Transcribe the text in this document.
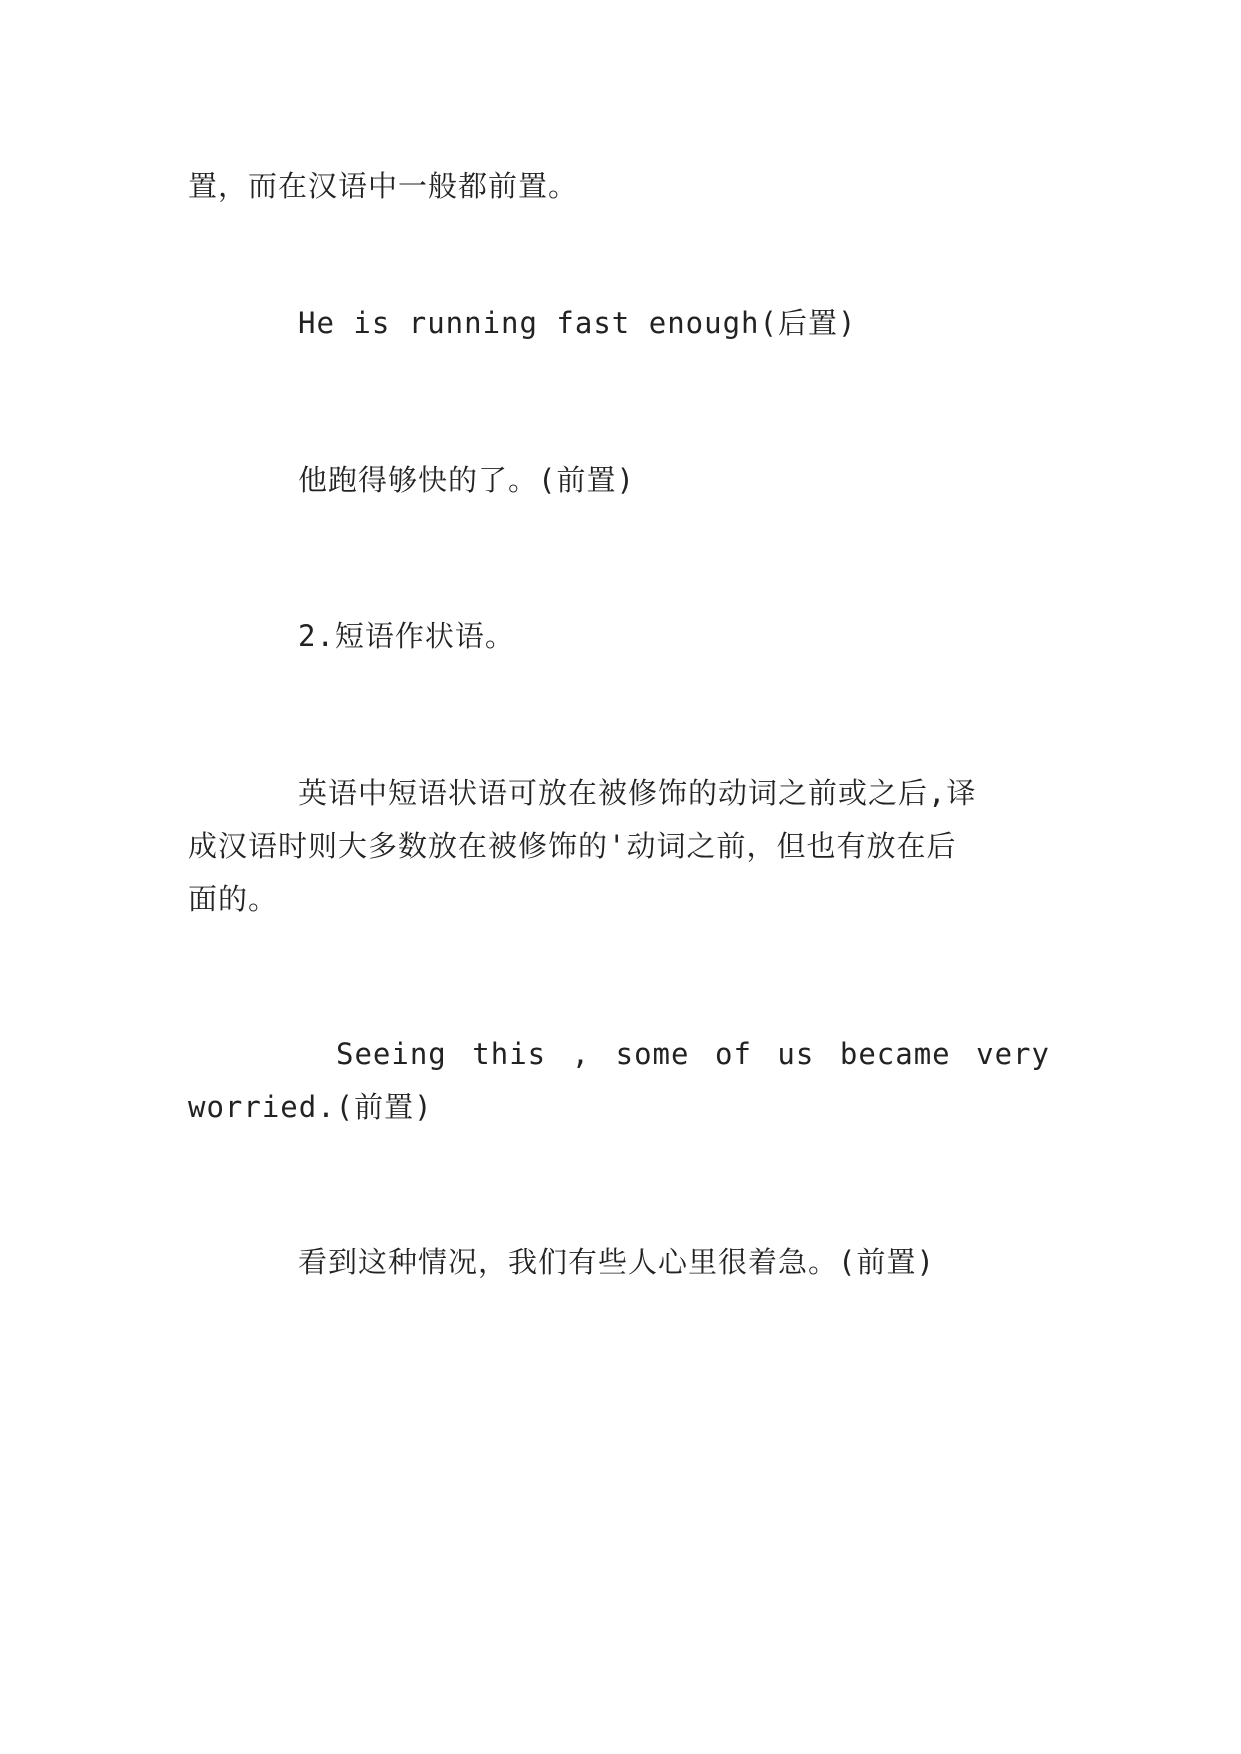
置，而在汉语中一般都前置。

He is running fast enough(后置)

他跑得够快的了。(前置)

2.短语作状语。

英语中短语状语可放在被修饰的动词之前或之后,译

成汉语时则大多数放在被修饰的'动词之前，但也有放在后

面的。

Seeing this , some of us became very

worried.(前置)

看到这种情况，我们有些人心里很着急。(前置)
